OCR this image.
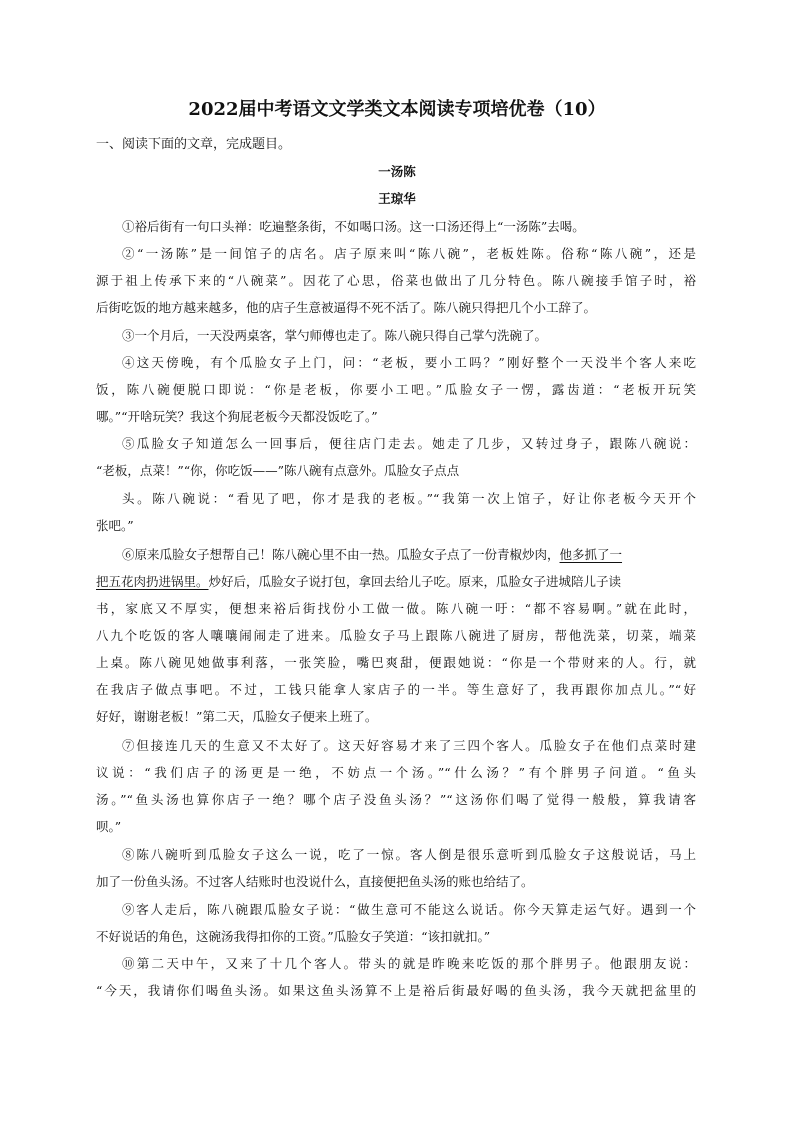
2022届中考语文文学类文本阅读专项培优卷（10）

一、阅读下面的文章，完成题目。

一汤陈

王琼华

①裕后街有一句口头禅：吃遍整条街，不如喝口汤。这一口汤还得上“一汤陈”去喝。

②“一汤陈”是一间馆子的店名。店子原来叫“陈八碗”，老板姓陈。俗称“陈八碗”，还是

源于祖上传承下来的“八碗菜”。因花了心思，俗菜也做出了几分特色。陈八碗接手馆子时，裕

后街吃饭的地方越来越多，他的店子生意被逼得不死不活了。陈八碗只得把几个小工辞了。

③一个月后，一天没两桌客，掌勺师傅也走了。陈八碗只得自己掌勺洗碗了。

④这天傍晚，有个瓜脸女子上门，问：“老板，要小工吗？”刚好整个一天没半个客人来吃

饭，陈八碗便脱口即说：“你是老板，你要小工吧。”瓜脸女子一愣，露齿道：“老板开玩笑

哪。”“开啥玩笑？我这个狗屁老板今天都没饭吃了。”

⑤瓜脸女子知道怎么一回事后，便往店门走去。她走了几步，又转过身子，跟陈八碗说：

“老板，点菜！”“你，你吃饭——”陈八碗有点意外。瓜脸女子点点

头。陈八碗说：“看见了吧，你才是我的老板。”“我第一次上馆子，好让你老板今天开个

张吧。”

⑥原来瓜脸女子想帮自己！陈八碗心里不由一热。瓜脸女子点了一份青椒炒肉，他多抓了一

把五花肉扔进锅里。炒好后，瓜脸女子说打包，拿回去给儿子吃。原来，瓜脸女子进城陪儿子读

书，家底又不厚实，便想来裕后街找份小工做一做。陈八碗一吁：“都不容易啊。”就在此时，

八九个吃饭的客人嚷嚷闹闹走了进来。瓜脸女子马上跟陈八碗进了厨房，帮他洗菜，切菜，端菜

上桌。陈八碗见她做事利落，一张笑脸，嘴巴爽甜，便跟她说：“你是一个带财来的人。行，就

在我店子做点事吧。不过，工钱只能拿人家店子的一半。等生意好了，我再跟你加点儿。”“好

好好，谢谢老板！”第二天，瓜脸女子便来上班了。

⑦但接连几天的生意又不太好了。这天好容易才来了三四个客人。瓜脸女子在他们点菜时建

议说：“我们店子的汤更是一绝，不妨点一个汤。”“什么汤？”有个胖男子问道。“鱼头

汤。”“鱼头汤也算你店子一绝？哪个店子没鱼头汤？”“这汤你们喝了觉得一般般，算我请客

呗。”

⑧陈八碗听到瓜脸女子这么一说，吃了一惊。客人倒是很乐意听到瓜脸女子这般说话，马上

加了一份鱼头汤。不过客人结账时也没说什么，直接便把鱼头汤的账也给结了。

⑨客人走后，陈八碗跟瓜脸女子说：“做生意可不能这么说话。你今天算走运气好。遇到一个

不好说话的角色，这碗汤我得扣你的工资。”瓜脸女子笑道：“该扣就扣。”

⑩第二天中午，又来了十几个客人。带头的就是昨晚来吃饭的那个胖男子。他跟朋友说：

“今天，我请你们喝鱼头汤。如果这鱼头汤算不上是裕后街最好喝的鱼头汤，我今天就把盆里的
